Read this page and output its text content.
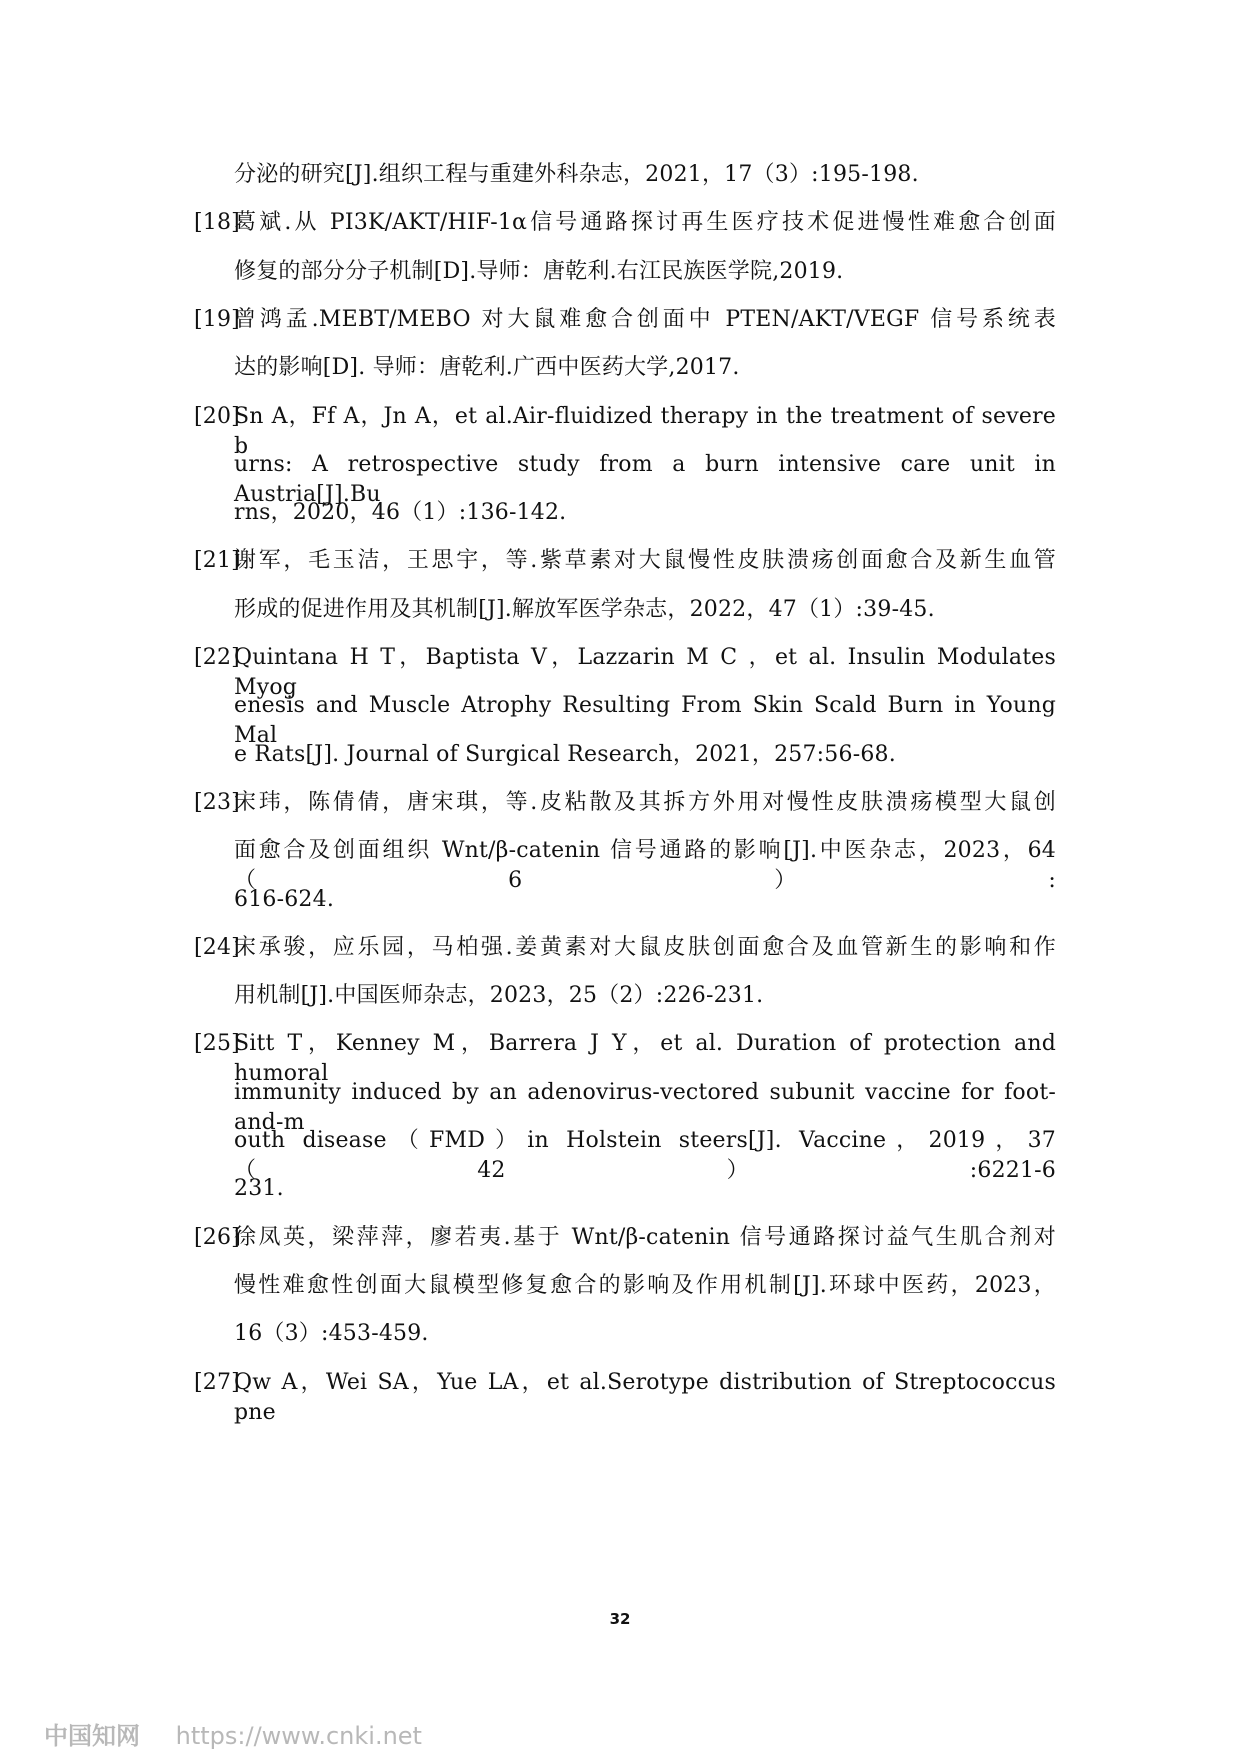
分泌的研究[J].组织工程与重建外科杂志，2021，17（3）:195-198.
[18]葛斌.从 PI3K/AKT/HIF-1α信号通路探讨再生医疗技术促进慢性难愈合创面
修复的部分分子机制[D].导师：唐乾利.右江民族医学院,2019.
[19]曾鸿孟.MEBT/MEBO 对大鼠难愈合创面中 PTEN/AKT/VEGF 信号系统表
达的影响[D]. 导师：唐乾利.广西中医药大学,2017.
[20]Sn A，Ff A，Jn A，et al.Air-fluidized therapy in the treatment of severe b
urns: A retrospective study from a burn intensive care unit in Austria[J].Bu
rns，2020，46（1）:136-142.
[21]谢军，毛玉洁，王思宇，等.紫草素对大鼠慢性皮肤溃疡创面愈合及新生血管
形成的促进作用及其机制[J].解放军医学杂志，2022，47（1）:39-45.
[22]Quintana H T，Baptista V，Lazzarin M C ，et al. Insulin Modulates Myog
enesis and Muscle Atrophy Resulting From Skin Scald Burn in Young Mal
e Rats[J]. Journal of Surgical Research，2021，257:56-68.
[23]宋玮，陈倩倩，唐宋琪，等.皮粘散及其拆方外用对慢性皮肤溃疡模型大鼠创
面愈合及创面组织 Wnt/β-catenin 信号通路的影响[J].中医杂志，2023，64（6）:
616-624.
[24]宋承骏，应乐园，马柏强.姜黄素对大鼠皮肤创面愈合及血管新生的影响和作
用机制[J].中国医师杂志，2023，25（2）:226-231.
[25]Sitt T，Kenney M，Barrera J Y，et al. Duration of protection and humoral
immunity induced by an adenovirus-vectored subunit vaccine for foot-and-m
outh disease（FMD）in Holstein steers[J]. Vaccine，2019，37（42）:6221-6
231.
[26]徐凤英，梁萍萍，廖若夷.基于 Wnt/β-catenin 信号通路探讨益气生肌合剂对
慢性难愈性创面大鼠模型修复愈合的影响及作用机制[J].环球中医药，2023，
16（3）:453-459.
[27]Qw A，Wei SA，Yue LA，et al.Serotype distribution of Streptococcus pne
32
中国知网 https://www.cnki.net
